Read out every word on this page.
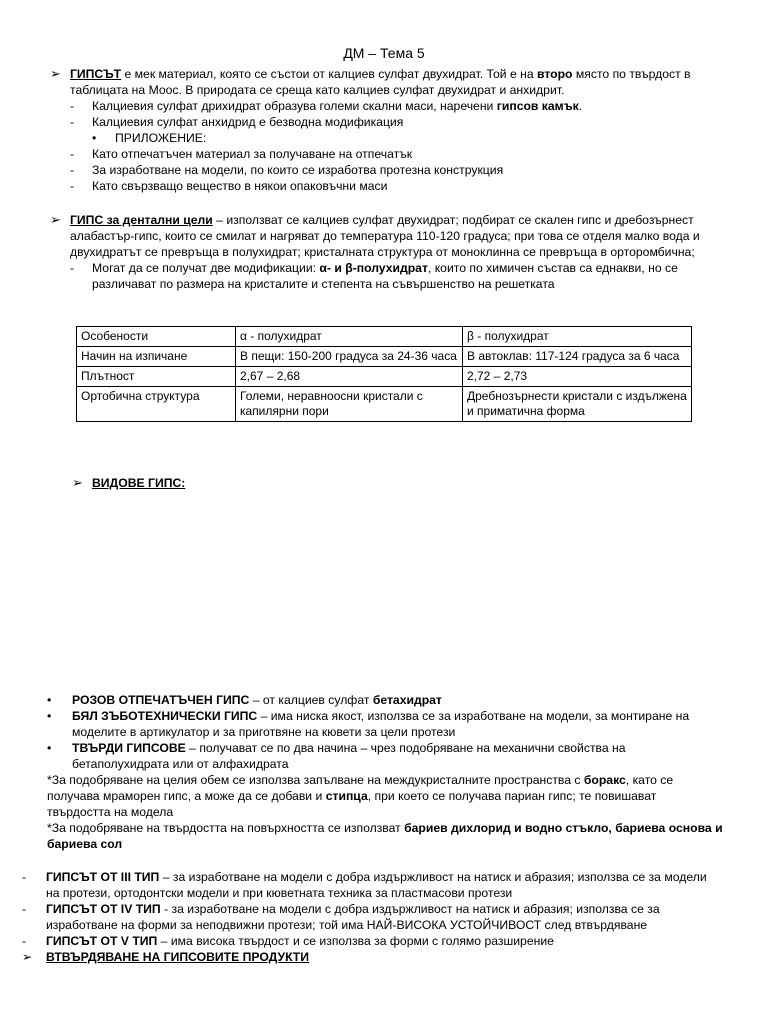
ДМ – Тема 5
➢ ГИПСЪТ е мек материал, която се състои от калциев сулфат двухидрат. Той е на второ място по твърдост в таблицата на Моос. В природата се среща като калциев сулфат двухидрат и анхидрит.
- Калциевия сулфат дрихидрат образува големи скални маси, наречени гипсов камък.
- Калциевия сулфат анхидрид е безводна модификация
• ПРИЛОЖЕНИЕ:
- Като отпечатъчен материал за получаване на отпечатък
- За изработване на модели, по които се изработва протезна конструкция
- Като свързващо вещество в някои опаковъчни маси
➢ ГИПС за дентални цели – използват се калциев сулфат двухидрат; подбират се скален гипс и дребозърнест алабастър-гипс, които се смилат и нагряват до температура 110-120 градуса; при това се отделя малко вода и двухидратът се превръща в полухидрат; кристалната структура от моноклинна се превръща в орторомбична;
- Могат да се получат две модификации: α- и β-полухидрат, които по химичен състав са еднакви, но се различават по размера на кристалите и степента на съвършенство на решетката
Особености	α - полухидрат	β - полухидрат
Начин на изпичане	В пещи: 150-200 градуса за 24-36 часа	В автоклав: 117-124 градуса за 6 часа
Плътност	2,67 – 2,68	2,72 – 2,73
Ортобична структура	Големи, неравноосни кристали с капилярни пори	Дребнозърнести кристали с издължена и приматична форма
➢ ВИДОВЕ ГИПС:
• РОЗОВ ОТПЕЧАТЪЧЕН ГИПС – от калциев сулфат бетахидрат
• БЯЛ ЗЪБОТЕХНИЧЕСКИ ГИПС – има ниска якост, използва се за изработване на модели, за монтиране на моделите в артикулатор и за приготвяне на кювети за цели протези
• ТВЪРДИ ГИПСОВЕ – получават се по два начина – чрез подобряване на механични свойства на бетаполухидрата или от алфахидрата
*За подобряване на целия обем се използва запълване на междукристалните пространства с боракс, като се получава мраморен гипс, а може да се добави и стипца, при което се получава париан гипс; те повишават твърдостта на модела
*За подобряване на твърдостта на повърхността се използват бариев дихлорид и водно стъкло, бариева основа и бариева сол
- ГИПСЪТ ОТ III ТИП – за изработване на модели с добра издържливост на натиск и абразия; използва се за модели на протези, ортодонтски модели и при кюветната техника за пластмасови протези
- ГИПСЪТ ОТ IV ТИП - за изработване на модели с добра издържливост на натиск и абразия; използва се за изработване на форми за неподвижни протези; той има НАЙ-ВИСОКА УСТОЙЧИВОСТ след втвърдяване
- ГИПСЪТ ОТ V ТИП – има висока твърдост и се използва за форми с голямо разширение
➢ ВТВЪРДЯВАНЕ НА ГИПСОВИТЕ ПРОДУКТИ
